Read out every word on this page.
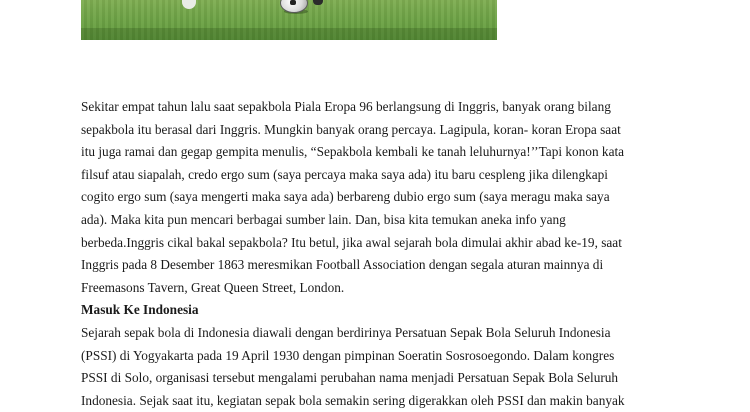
Sekitar empat tahun lalu saat sepakbola Piala Eropa 96 berlangsung di Inggris, banyak orang bilang
sepakbola itu berasal dari Inggris. Mungkin banyak orang percaya. Lagipula, koran- koran Eropa saat
itu juga ramai dan gegap gempita menulis, “Sepakbola kembali ke tanah leluhurnya!’’Tapi konon kata
filsuf atau siapalah, credo ergo sum (saya percaya maka saya ada) itu baru cespleng jika dilengkapi
cogito ergo sum (saya mengerti maka saya ada) berbareng dubio ergo sum (saya meragu maka saya
ada). Maka kita pun mencari berbagai sumber lain. Dan, bisa kita temukan aneka info yang
berbeda.Inggris cikal bakal sepakbola? Itu betul, jika awal sejarah bola dimulai akhir abad ke-19, saat
Inggris pada 8 Desember 1863 meresmikan Football Association dengan segala aturan mainnya di
Freemasons Tavern, Great Queen Street, London.

Masuk Ke Indonesia

Sejarah sepak bola di Indonesia diawali dengan berdirinya Persatuan Sepak Bola Seluruh Indonesia
(PSSI) di Yogyakarta pada 19 April 1930 dengan pimpinan Soeratin Sosrosoegondo. Dalam kongres
PSSI di Solo, organisasi tersebut mengalami perubahan nama menjadi Persatuan Sepak Bola Seluruh
Indonesia. Sejak saat itu, kegiatan sepak bola semakin sering digerakkan oleh PSSI dan makin banyak
